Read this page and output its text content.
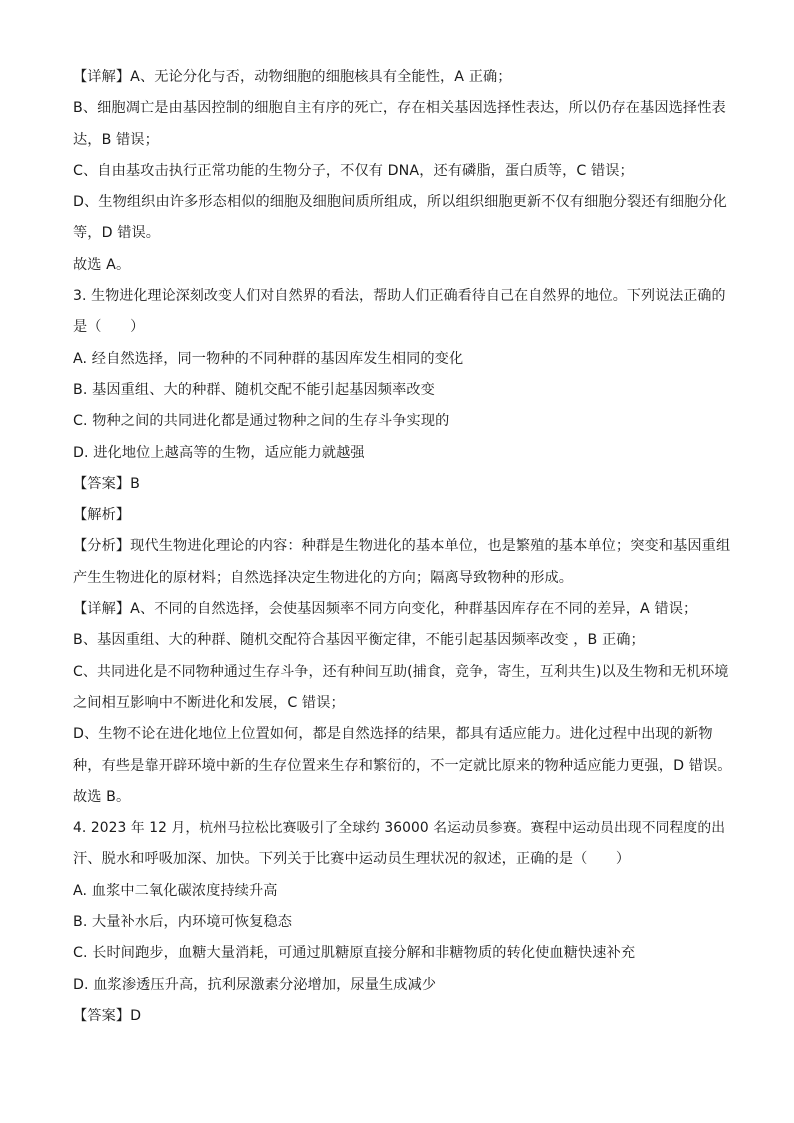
【详解】A、无论分化与否，动物细胞的细胞核具有全能性，A 正确；
B、细胞凋亡是由基因控制的细胞自主有序的死亡，存在相关基因选择性表达，所以仍存在基因选择性表
达，B 错误；
C、自由基攻击执行正常功能的生物分子，不仅有 DNA，还有磷脂，蛋白质等，C 错误；
D、生物组织由许多形态相似的细胞及细胞间质所组成，所以组织细胞更新不仅有细胞分裂还有细胞分化
等，D 错误。
故选 A。
3. 生物进化理论深刻改变人们对自然界的看法，帮助人们正确看待自己在自然界的地位。下列说法正确的
是（　　）
A. 经自然选择，同一物种的不同种群的基因库发生相同的变化
B. 基因重组、大的种群、随机交配不能引起基因频率改变
C. 物种之间的共同进化都是通过物种之间的生存斗争实现的
D. 进化地位上越高等的生物，适应能力就越强
【答案】B
【解析】
【分析】现代生物进化理论的内容：种群是生物进化的基本单位，也是繁殖的基本单位；突变和基因重组
产生生物进化的原材料；自然选择决定生物进化的方向；隔离导致物种的形成。
【详解】A、不同的自然选择，会使基因频率不同方向变化，种群基因库存在不同的差异，A 错误；
B、基因重组、大的种群、随机交配符合基因平衡定律，不能引起基因频率改变 ，B 正确；
C、共同进化是不同物种通过生存斗争，还有种间互助(捕食，竞争，寄生，互利共生)以及生物和无机环境
之间相互影响中不断进化和发展，C 错误；
D、生物不论在进化地位上位置如何，都是自然选择的结果，都具有适应能力。进化过程中出现的新物
种，有些是靠开辟环境中新的生存位置来生存和繁衍的，不一定就比原来的物种适应能力更强，D 错误。
故选 B。
4. 2023 年 12 月，杭州马拉松比赛吸引了全球约 36000 名运动员参赛。赛程中运动员出现不同程度的出
汗、脱水和呼吸加深、加快。下列关于比赛中运动员生理状况的叙述，正确的是（　　）
A. 血浆中二氧化碳浓度持续升高
B. 大量补水后，内环境可恢复稳态
C. 长时间跑步，血糖大量消耗，可通过肌糖原直接分解和非糖物质的转化使血糖快速补充
D. 血浆渗透压升高，抗利尿激素分泌增加，尿量生成减少
【答案】D
